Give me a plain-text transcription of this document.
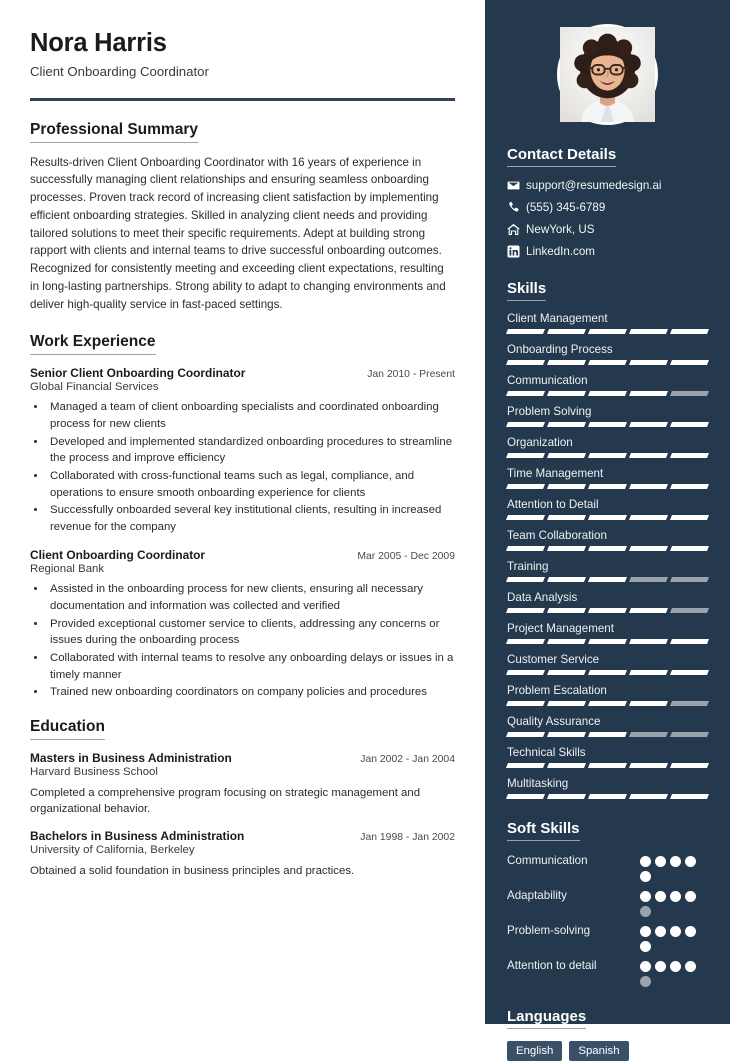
Nora Harris
Client Onboarding Coordinator
Professional Summary
Results-driven Client Onboarding Coordinator with 16 years of experience in successfully managing client relationships and ensuring seamless onboarding processes. Proven track record of increasing client satisfaction by implementing efficient onboarding strategies. Skilled in analyzing client needs and providing tailored solutions to meet their specific requirements. Adept at building strong rapport with clients and internal teams to drive successful onboarding outcomes. Recognized for consistently meeting and exceeding client expectations, resulting in long-lasting partnerships. Strong ability to adapt to changing environments and deliver high-quality service in fast-paced settings.
Work Experience
Senior Client Onboarding Coordinator	Jan 2010 - Present
Global Financial Services
• Managed a team of client onboarding specialists and coordinated onboarding process for new clients
• Developed and implemented standardized onboarding procedures to streamline the process and improve efficiency
• Collaborated with cross-functional teams such as legal, compliance, and operations to ensure smooth onboarding experience for clients
• Successfully onboarded several key institutional clients, resulting in increased revenue for the company
Client Onboarding Coordinator	Mar 2005 - Dec 2009
Regional Bank
• Assisted in the onboarding process for new clients, ensuring all necessary documentation and information was collected and verified
• Provided exceptional customer service to clients, addressing any concerns or issues during the onboarding process
• Collaborated with internal teams to resolve any onboarding delays or issues in a timely manner
• Trained new onboarding coordinators on company policies and procedures
Education
Masters in Business Administration	Jan 2002 - Jan 2004
Harvard Business School
Completed a comprehensive program focusing on strategic management and organizational behavior.
Bachelors in Business Administration	Jan 1998 - Jan 2002
University of California, Berkeley
Obtained a solid foundation in business principles and practices.
Contact Details
support@resumedesign.ai
(555) 345-6789
NewYork, US
LinkedIn.com
Skills
Client Management
Onboarding Process
Communication
Problem Solving
Organization
Time Management
Attention to Detail
Team Collaboration
Training
Data Analysis
Project Management
Customer Service
Problem Escalation
Quality Assurance
Technical Skills
Multitasking
Soft Skills
Communication
Adaptability
Problem-solving
Attention to detail
Languages
English	Spanish
